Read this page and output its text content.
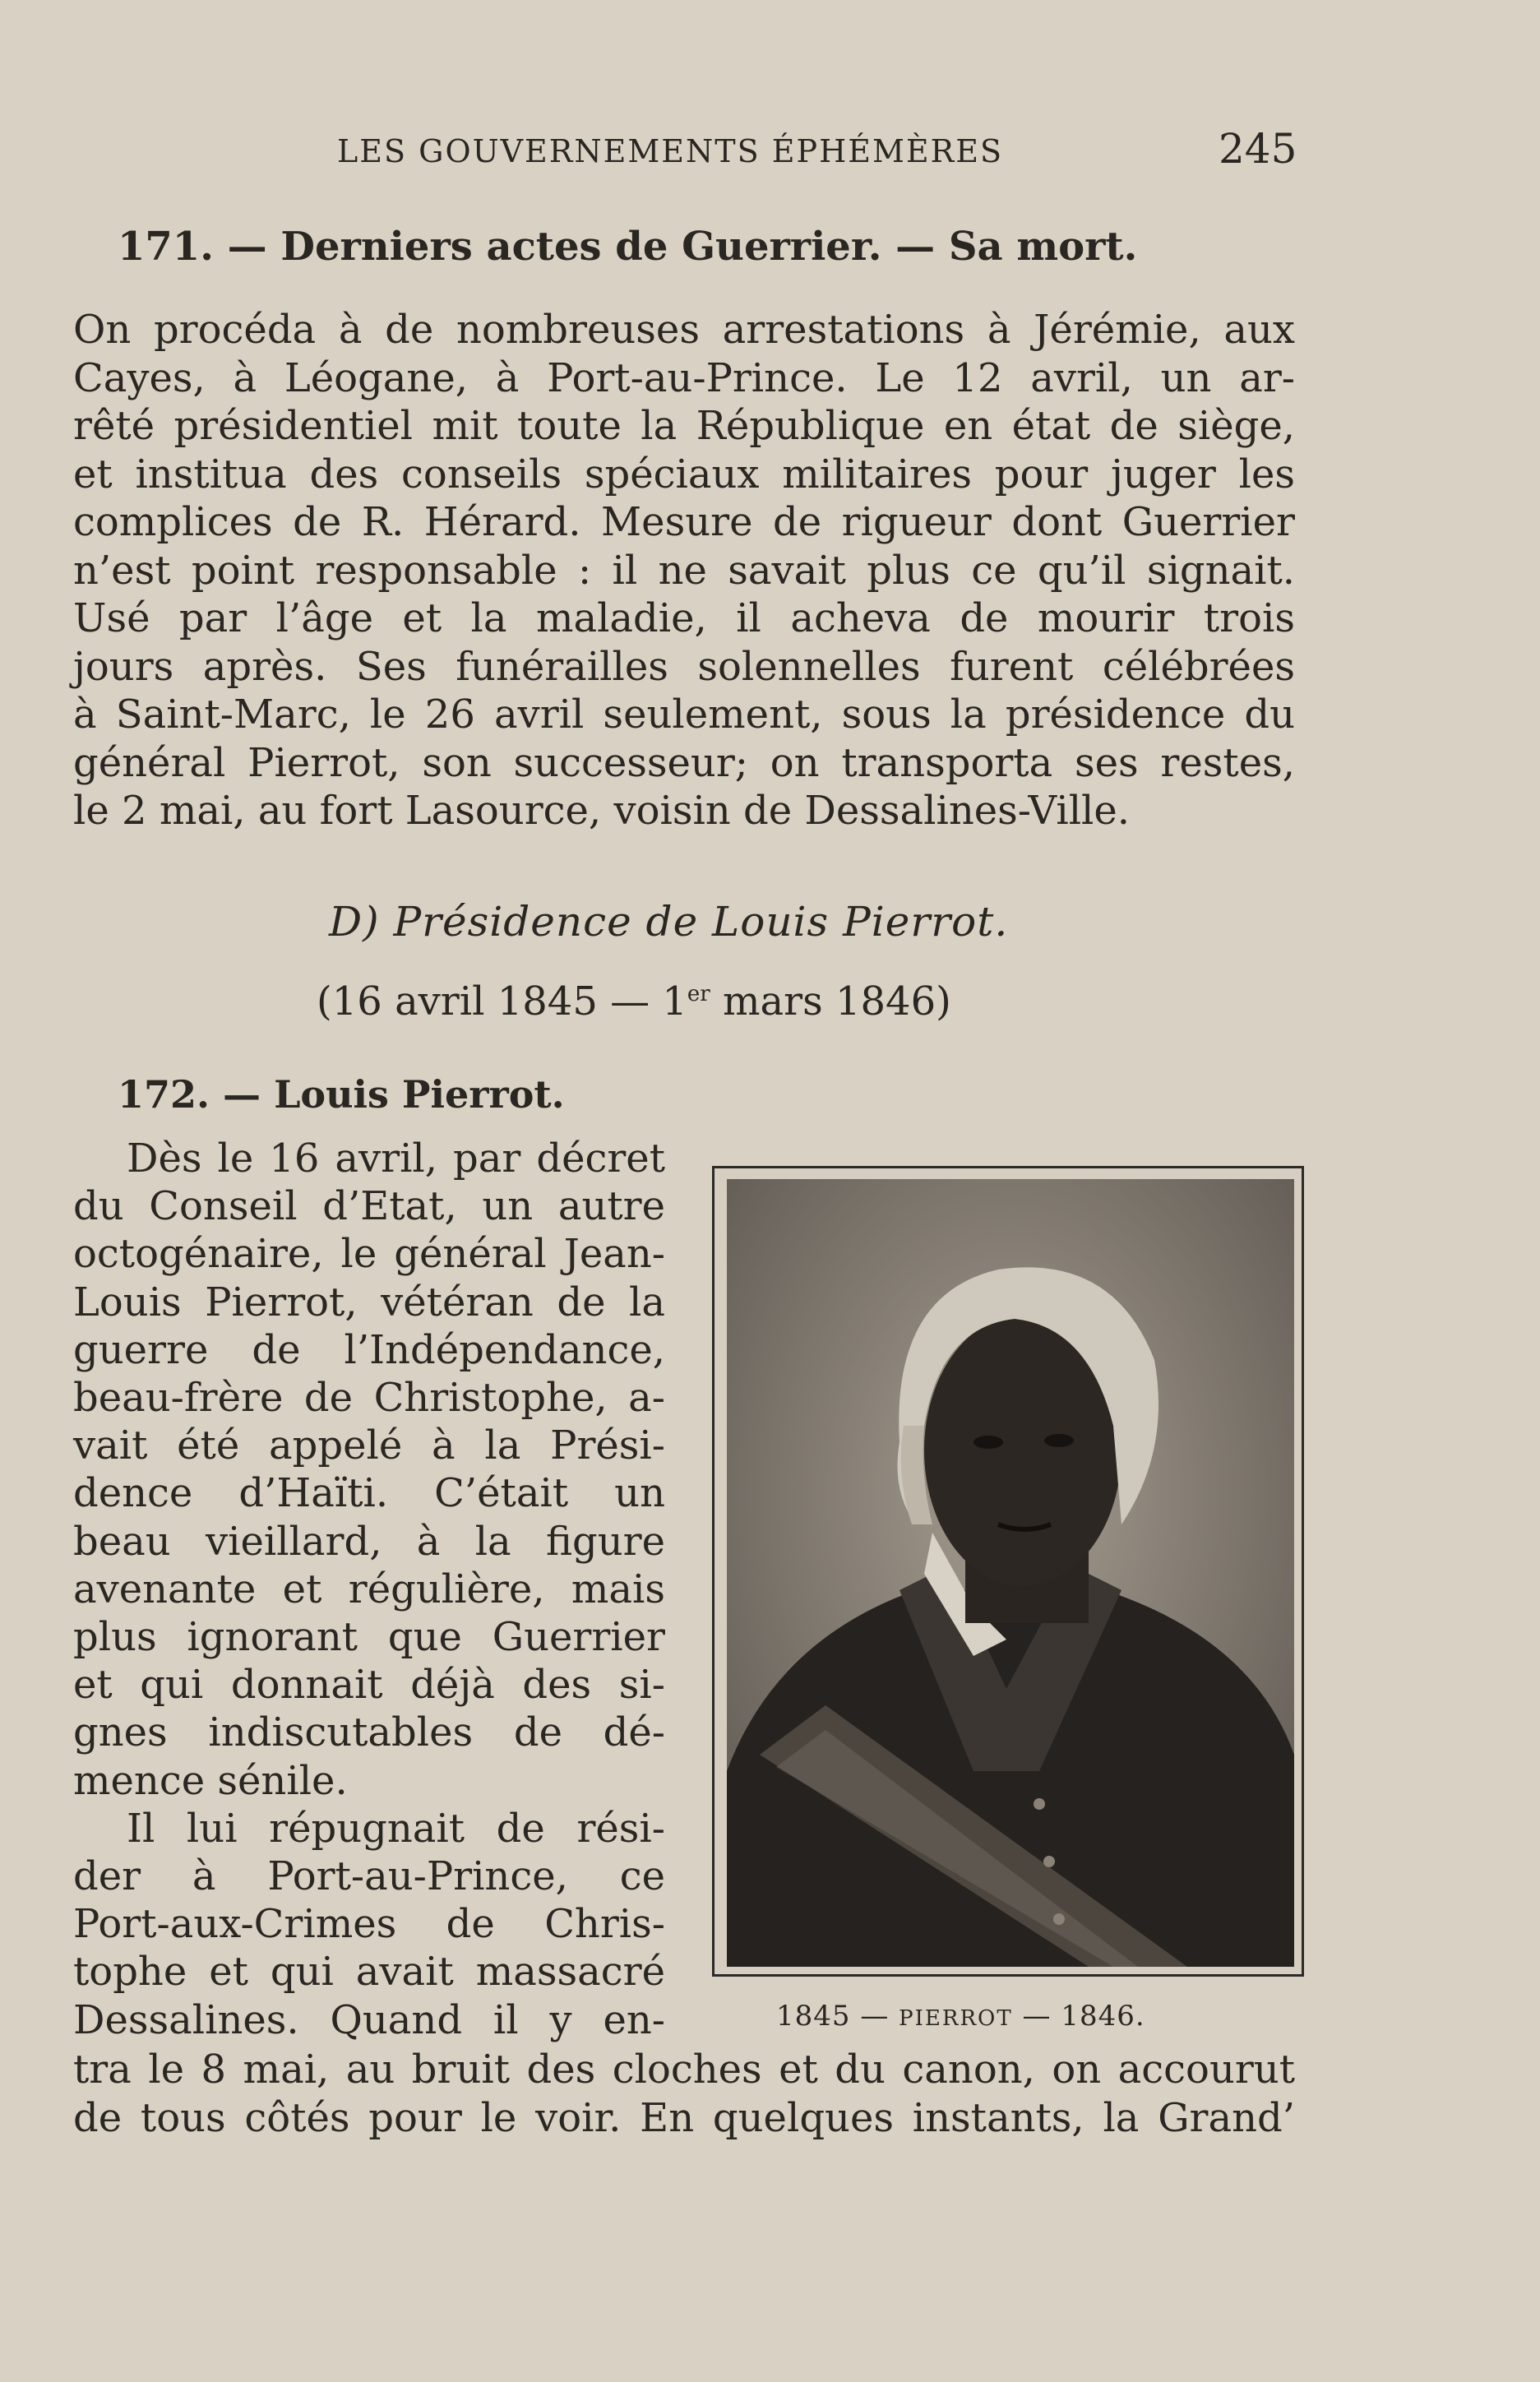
LES GOUVERNEMENTS ÉPHÉMÈRES	245
171. — Derniers actes de Guerrier. — Sa mort.
On procéda à de nombreuses arrestations à Jérémie, aux
Cayes, à Léogane, à Port-au-Prince. Le 12 avril, un ar-
rêté présidentiel mit toute la République en état de siège,
et institua des conseils spéciaux militaires pour juger les
complices de R. Hérard. Mesure de rigueur dont Guerrier
n’est point responsable : il ne savait plus ce qu’il signait.
Usé par l’âge et la maladie, il acheva de mourir trois
jours après. Ses funérailles solennelles furent célébrées
à Saint-Marc, le 26 avril seulement, sous la présidence du
général Pierrot, son successeur; on transporta ses restes,
le 2 mai, au fort Lasource, voisin de Dessalines-Ville.
D) Présidence de Louis Pierrot.
(16 avril 1845 — 1er mars 1846)
172. — Louis Pierrot.
Dès le 16 avril, par décret
du Conseil d’Etat, un autre
octogénaire, le général Jean-
Louis Pierrot, vétéran de la
guerre de l’Indépendance,
beau-frère de Christophe, a-
vait été appelé à la Prési-
dence d’Haïti. C’était un
beau vieillard, à la figure
avenante et régulière, mais
plus ignorant que Guerrier
et qui donnait déjà des si-
gnes indiscutables de dé-
mence sénile.
Il lui répugnait de rési-
der à Port-au-Prince, ce
Port-aux-Crimes de Chris-
tophe et qui avait massacré
Dessalines. Quand il y en-	1845 — PIERROT — 1846.
tra le 8 mai, au bruit des cloches et du canon, on accourut
de tous côtés pour le voir. En quelques instants, la Grand’
